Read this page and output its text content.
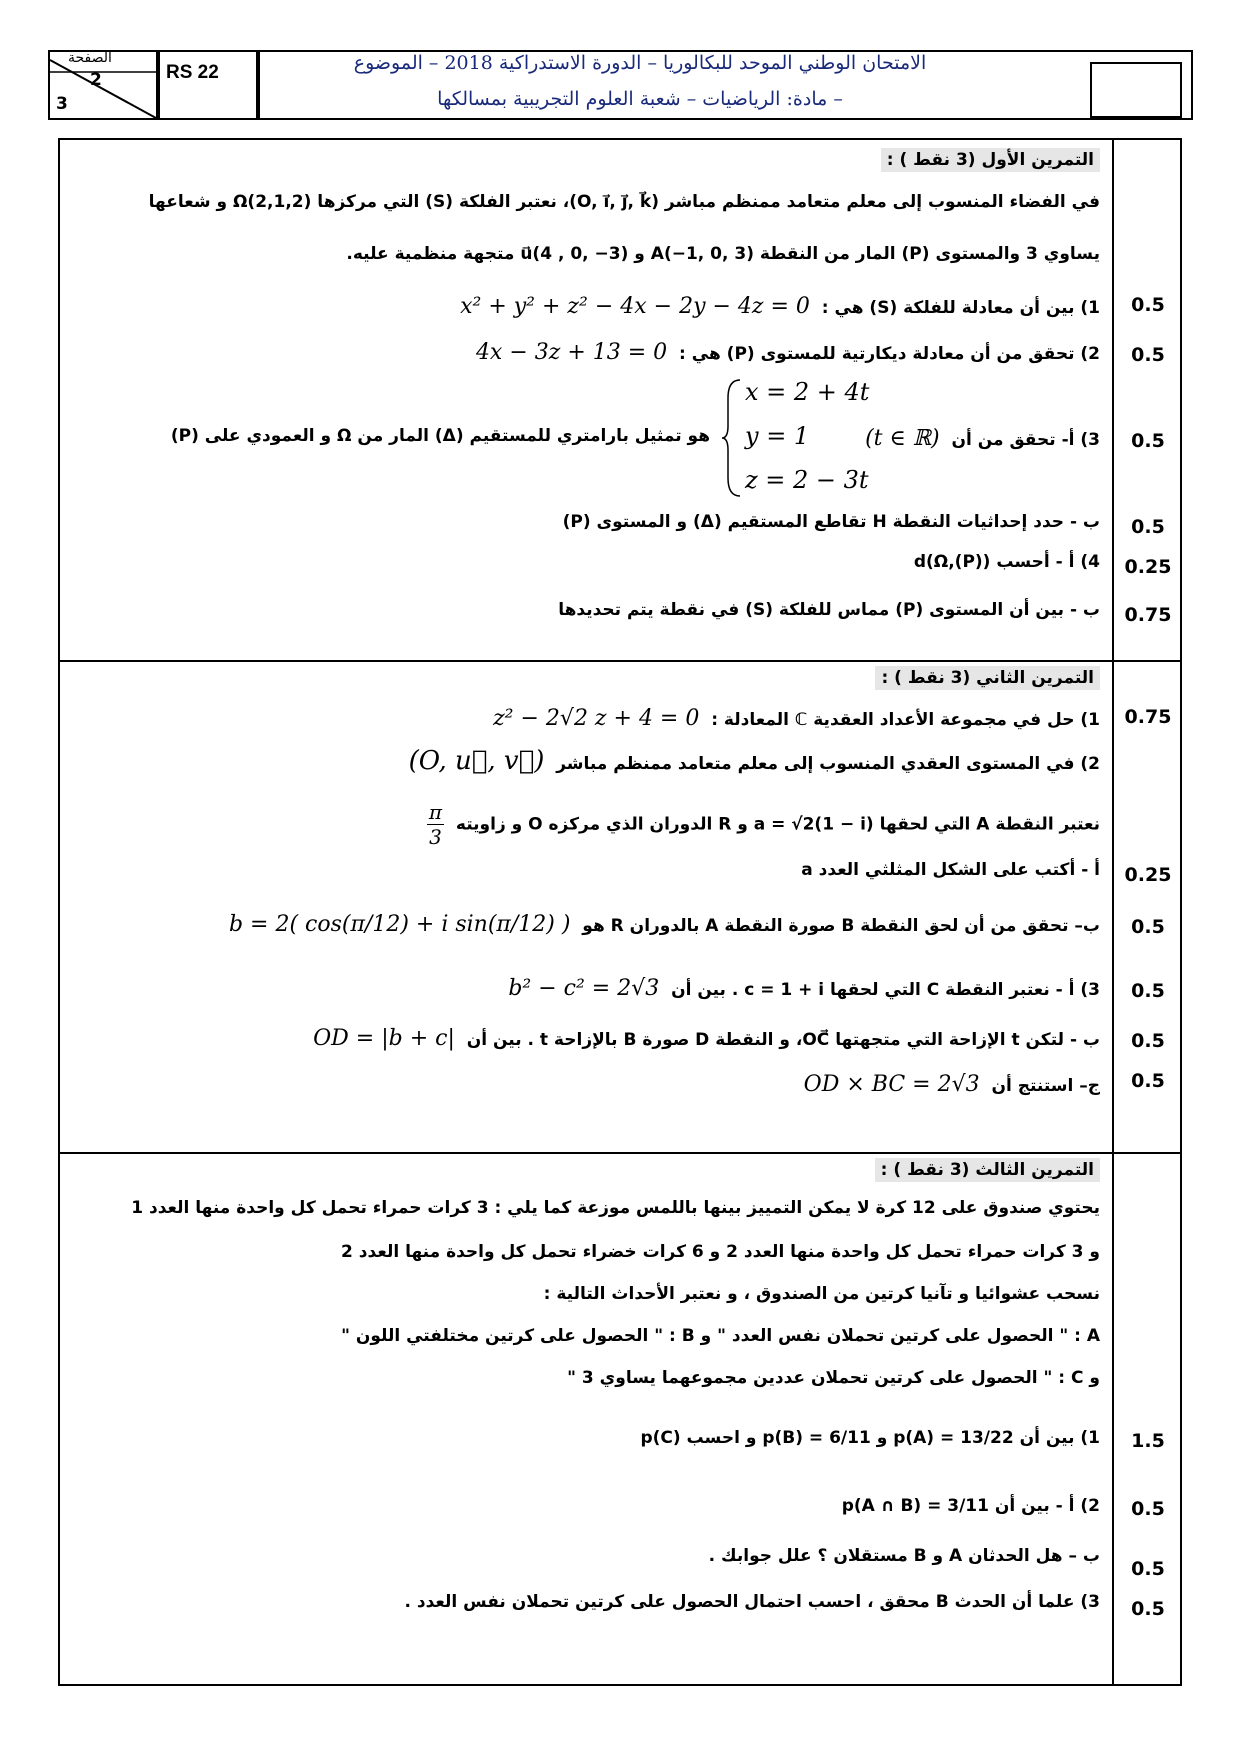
الصفحة
2
3
RS 22	الامتحان الوطني الموحد للبكالوريا – الدورة الاستدراكية 2018 – الموضوع
– مادة: الرياضيات – شعبة العلوم التجريبية بمسالكها
التمرين الأول (3 نقط ) :
في الفضاء المنسوب إلى معلم متعامد ممنظم مباشر (O, i⃗, j⃗, k⃗)، نعتبر الفلكة (S) التي مركزها Ω(2,1,2) و شعاعها
يساوي 3 والمستوى (P) المار من النقطة A(−1, 0, 3) و u⃗(4 , 0, −3) متجهة منظمية عليه.
1) بين أن معادلة للفلكة (S) هي :  x² + y² + z² − 4x − 2y − 4z = 0
2) تحقق من أن معادلة ديكارتية للمستوى (P) هي :  4x − 3z + 13 = 0
3) أ- تحقق من أن  (t ∈ ℝ)
x = 2 + 4t
y = 1
z = 2 − 3t
هو تمثيل بارامتري للمستقيم (Δ) المار من Ω و العمودي على (P)
ب - حدد إحداثيات النقطة H تقاطع المستقيم (Δ) و المستوى (P)
4) أ - أحسب d(Ω,(P))
ب - بين أن المستوى (P) مماس للفلكة (S) في نقطة يتم تحديدها
0.5
0.5
0.5
0.5
0.25
0.75
التمرين الثاني (3 نقط ) :
1) حل في مجموعة الأعداد العقدية ℂ المعادلة :  z² − 2√2 z + 4 = 0
2) في المستوى العقدي المنسوب إلى معلم متعامد ممنظم مباشر  (O, u⃗, v⃗)
نعتبر النقطة A التي لحقها a = √2(1 − i) و R الدوران الذي مركزه O و زاويته
$\frac{\pi}{3}$
أ - أكتب على الشكل المثلثي العدد a
ب– تحقق من أن لحق النقطة B صورة النقطة A بالدوران R هو  b = 2( cos(π/12) + i sin(π/12) )
3) أ - نعتبر النقطة C التي لحقها c = 1 + i . بين أن  b² − c² = 2√3
ب - لتكن t الإزاحة التي متجهتها OC⃗، و النقطة D صورة B بالإزاحة t . بين أن  OD = |b + c|
ج– استنتج أن  OD × BC = 2√3
0.75
0.25
0.5
0.5
0.5
0.5
التمرين الثالث (3 نقط ) :
يحتوي صندوق على 12 كرة لا يمكن التمييز بينها باللمس موزعة كما يلي : 3 كرات حمراء تحمل كل واحدة منها العدد 1
و 3 كرات حمراء تحمل كل واحدة منها العدد 2 و 6 كرات خضراء تحمل كل واحدة منها العدد 2
نسحب عشوائيا و تآنيا كرتين من الصندوق ، و نعتبر الأحداث التالية :
A : " الحصول على كرتين تحملان نفس العدد " و B : " الحصول على كرتين مختلفتي اللون "
و C : " الحصول على كرتين تحملان عددين مجموعهما يساوي 3 "
1) بين أن p(A) = 13/22 و p(B) = 6/11 و احسب p(C)
2) أ - بين أن p(A ∩ B) = 3/11
ب – هل الحدثان A و B مستقلان ؟ علل جوابك .
3) علما أن الحدث B محقق ، احسب احتمال الحصول على كرتين تحملان نفس العدد .
1.5
0.5
0.5
0.5
